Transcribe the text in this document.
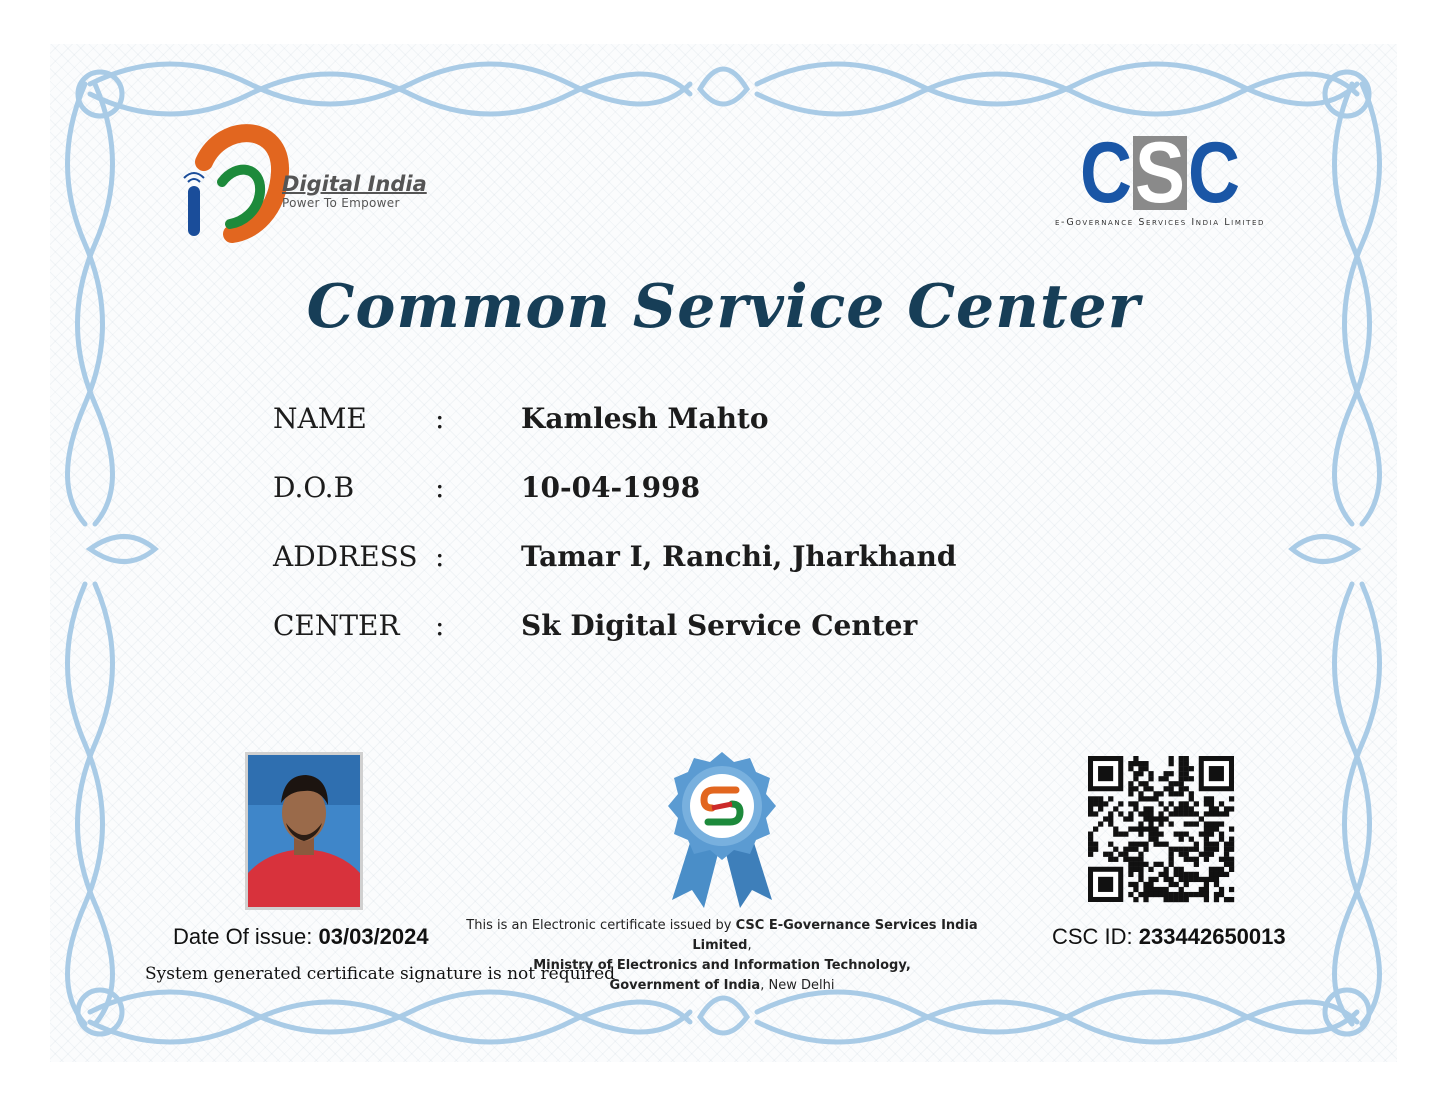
Digital India
Power To Empower	C S C
e-Governance Services India Limited
Common Service Center
NAME	:	Kamlesh Mahto
D.O.B	:	10-04-1998
ADDRESS :	Tamar I, Ranchi, Jharkhand
CENTER	:	Sk Digital Service Center
Date Of issue: 03/03/2024
System generated certificate signature is not required
This is an Electronic certificate issued by CSC E-Governance Services India Limited,
Ministry of Electronics and Information Technology,
Government of India, New Delhi
CSC ID: 233442650013
